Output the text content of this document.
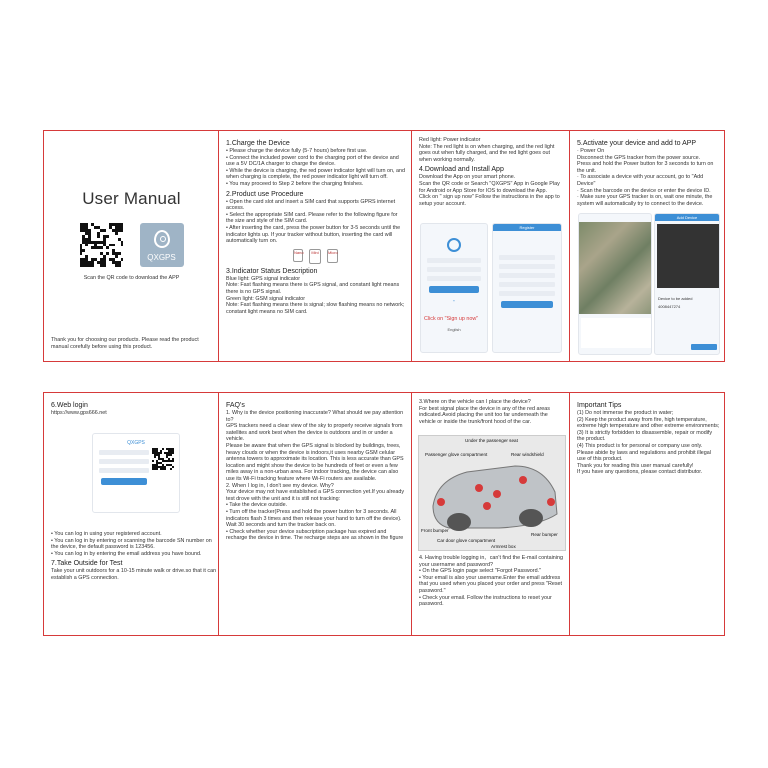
User Manual
QXGPS
Scan the QR code to download the APP
Thank you for choosing our products. Please read the product manual corefully before using this product.
1.Charge the Device
• Please charge the device fully (5-7 hours) before first use.
• Connect the included power cord to the charging port of the device and use a 5V DC/1A charger to charge the device.
• While the device is charging, the red power indicator light will turn on, and when charging is complete, the red power indicator light will turn off.
• You may proceed to Step 2 before the charging finishes.
2.Product use Procedure
• Open the card slot and insert a SIM card that supports GPRS internet access.
• Select the appropriate SIM card. Please refer to the following figure for the size and style of the SIM card.
• After inserting the card, press the power button for 3-5 seconds until the indicator lights up. If your tracker without button, inserting the card will automatically turn on.
Nano	Mini	Micro
3.Indicator Status Description
Blue light: GPS signal indicator
Note: Fast flashing means there is GPS signal, and constant light means there is no GPS signal.
Green light: GSM signal indicator
Note: Fast flashing means there is signal; slow flashing means no network; constant light means no SIM card.
Red light: Power indicator
Note: The red light is on when charging, and the red light goes out when fully charged, and the red light goes out when working normally.
4.Download and Install App
Download the App on your smart phone.
Scan the QR code or Search "QXGPS" App in Google Play for Android or App Store for IOS to download the App.
Click on " sign up now" Follow the instructions in the app to setup your account.
⌁
English
Click on "Sign up now"
Register
5.Activate your device and add to APP
· Power On
Disconnect the GPS tracker from the power source.
Press and hold the Power button for 3 seconds to turn on the unit.
· To associate a device with your account, go to "Add Device"
· Scan the barcode on the device or enter the device ID.
· Make sure your GPS tracker is on, wait one minute, the system will automatically try to connect to the device.
Add Device
Device to be added
4008447274
6.Web login
https://www.gps666.net
QXGPS
• You can log in using your registered account.
• You can log in by entering or scanning the barcode SN number on the device, the default password is 123456.
• You can log in by entering the email address you have bound.
7.Take Outside for Test
Take your unit outdoors for a 10-15 minute walk or drive.so that it can establish a GPS connection.
FAQ's
1. Why is the device positioning inaccurate? What should we pay attention to?
GPS trackers need a clear view of the sky to properly receive signals from satellites and work best when the device is outdoors and in or under a vehicle.
Please be aware that when the GPS signal is blocked by buildings, trees, heavy clouds or when the device is indoors,it uses nearby GSM celular antenna towers to approximate its location. This is less accurate than GPS location and might show the device to be hundreds of feet or even a few miles away in a non-urban area. For indoor tracking, the device can also use its Wi-Fi tracking feature where Wi-Fi routers are available.
2. When I log in, I don't see my device. Why?
Your device may not have established a GPS connection yet.If you already test drove with the unit and it is still not tracking:
• Take the device outside.
• Turn off the tracker(Press and hold the power button for 3 seconds. All indicators flash 3 times and then release your hand to turn off the device). Wait 30 seconds and turn the tracker back on.
• Check whether your device subscription package has expired and recharge the device in time. The recharge steps are as shown in the figure
3.Where on the vehicle can I place the device?
For best signal place the device in any of the red areas indicated.Avoid placing the unit too far underneath the vehicle or inside the trunk/front hood of the car.
Under the passenger seat
Passenger glove compartment	Rear windshield
Front bumper
Rear bumper
Car door glove compartment
Armrest box
4. Having trouble logging in，can't find the E-mail containing your username and password?
• On the GPS login page select "Forgot Password."
• Your email is also your username.Enter the email address that you used when you placed your order and press "Reset password."
• Check your email. Follow the instructions to reset your password.
Important Tips
(1) Do not immerse the product in water;
(2) Keep the product away from fire, high temperature, extreme high temperature and other extreme environments;
(3) It is strictly forbidden to disassemble, repair or modify the product.
(4) This product is for personal or company use only. Please abide by laws and regulations and prohibit illegal use of this product.
Thank you for reading this user manual carefully!
If you have any questions, please contact distributor.
